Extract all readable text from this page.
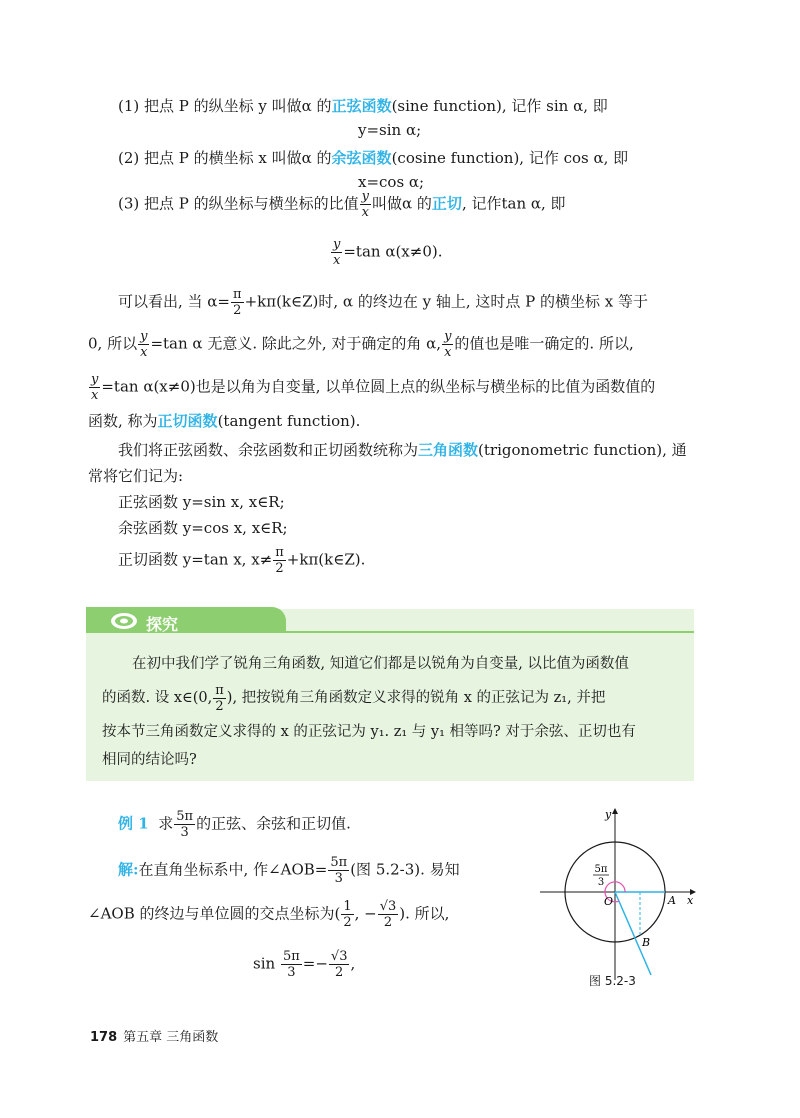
(1) 把点 P 的纵坐标 y 叫做α 的正弦函数(sine function), 记作 sin α, 即
y=sin α;
(2) 把点 P 的横坐标 x 叫做α 的余弦函数(cosine function), 记作 cos α, 即
x=cos α;
(3) 把点 P 的纵坐标与横坐标的比值 $\frac{y}{x}$ 叫做α 的正切, 记作tan α, 即
$\frac{y}{x} =\tan$ α(x≠0).
可以看出, 当 $\alpha= \frac{\pi}{2}$ +kπ(k∈Z)时, α 的终边在 y 轴上, 这时点 P 的横坐标 x 等于
0, 所以 $\frac{y}{x} =\tan$ α 无意义. 除此之外, 对于确定的角 α, $\frac{y}{x}$ 的值也是唯一确定的. 所以,
$\frac{y}{x} =\tan$ α(x≠0)也是以角为自变量, 以单位圆上点的纵坐标与横坐标的比值为函数值的
函数, 称为正切函数(tangent function).
我们将正弦函数、余弦函数和正切函数统称为三角函数(trigonometric function), 通
常将它们记为:
正弦函数 y=sin x, x∈R;
余弦函数 y=cos x, x∈R;
正切函数 y=tan x, $x\ne \frac{\pi}{2}$ +kπ(k∈Z).

在初中我们学了锐角三角函数, 知道它们都是以锐角为自变量, 以比值为函数值

的函数. 设 x∈(0, $\frac{\pi}{2}$ ), 把按锐角三角函数定义求得的锐角 x 的正弦记为 z₁, 并把

按本节三角函数定义求得的 x 的正弦记为 y₁. z₁ 与 y₁ 相等吗? 对于余弦、正切也有

相同的结论吗?

探究
例 1 求 $\frac{5\pi}{3}$ 的正弦、余弦和正切值.
解:在直角坐标系中, 作∠AOB= $\frac{5\pi}{3}$ (图 5.2-3). 易知
∠AOB 的终边与单位圆的交点坐标为( $\frac{1}{2}$ , − $\frac{√3}{2}$ ). 所以,
$\sin \frac{5\pi}{3} =- \frac{√3}{2}$ ,
5π
3
O	A x
y
B
图 5.2-3
178 第五章 三角函数
